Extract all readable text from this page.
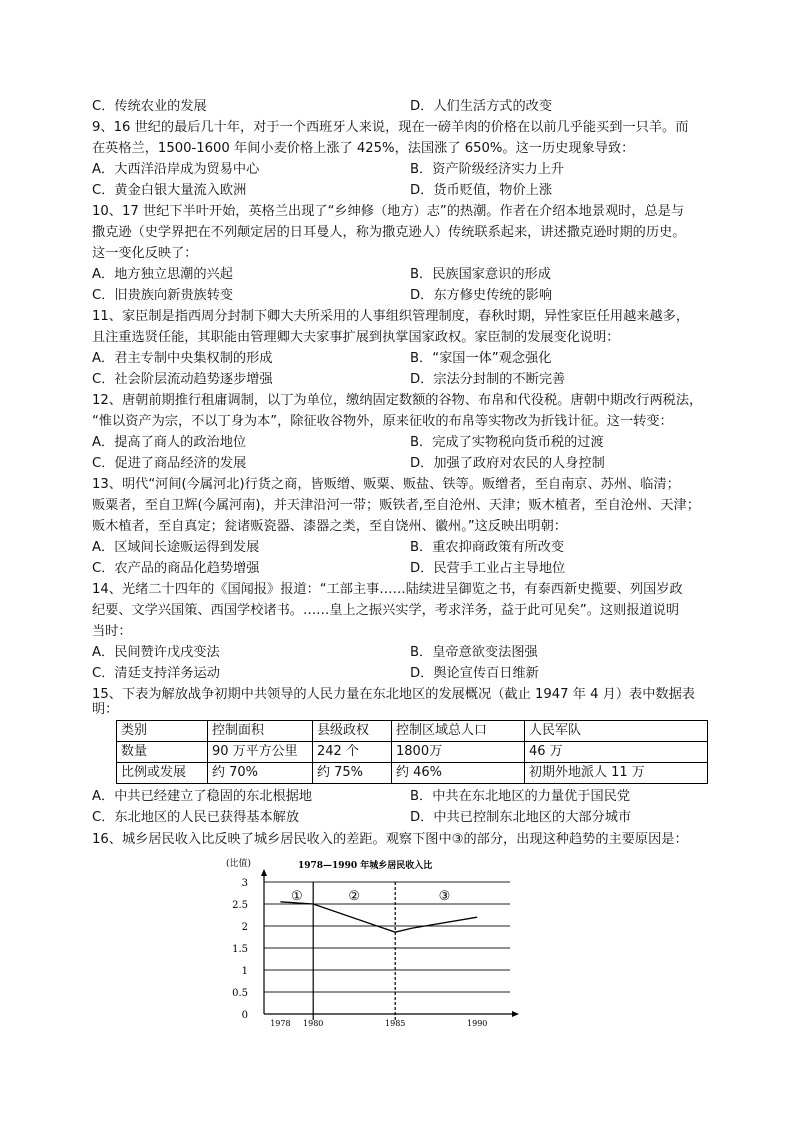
C．传统农业的发展	D．人们生活方式的改变
9、16 世纪的最后几十年，对于一个西班牙人来说，现在一磅羊肉的价格在以前几乎能买到一只羊。而
在英格兰，1500-1600 年间小麦价格上涨了 425%，法国涨了 650%。这一历史现象导致：
A．大西洋沿岸成为贸易中心	B．资产阶级经济实力上升
C．黄金白银大量流入欧洲	D．货币贬值，物价上涨
10、17 世纪下半叶开始，英格兰出现了“乡绅修（地方）志”的热潮。作者在介绍本地景观时，总是与
撒克逊（史学界把在不列颠定居的日耳曼人，称为撒克逊人）传统联系起来，讲述撒克逊时期的历史。
这一变化反映了：
A．地方独立思潮的兴起	B．民族国家意识的形成
C．旧贵族向新贵族转变	D．东方修史传统的影响
11、家臣制是指西周分封制下卿大夫所采用的人事组织管理制度，春秋时期，异性家臣任用越来越多，
且注重选贤任能，其职能由管理卿大夫家事扩展到执掌国家政权。家臣制的发展变化说明：
A．君主专制中央集权制的形成	B．“家国一体”观念强化
C．社会阶层流动趋势逐步增强	D．宗法分封制的不断完善
12、唐朝前期推行租庸调制，以丁为单位，缴纳固定数额的谷物、布帛和代役税。唐朝中期改行两税法，
“惟以资产为宗，不以丁身为本”，除征收谷物外，原来征收的布帛等实物改为折钱计征。这一转变：
A．提高了商人的政治地位	B．完成了实物税向货币税的过渡
C．促进了商品经济的发展	D．加强了政府对农民的人身控制
13、明代“河间(今属河北)行货之商，皆贩缯、贩粟、贩盐、铁等。贩缯者，至自南京、苏州、临清；
贩粟者，至自卫辉(今属河南)，并天津沿河一带；贩铁者,至自沧州、天津；贩木植者，至自沧州、天津；
贩木植者，至自真定；瓮诸贩瓷器、漆器之类，至自饶州、徽州。”这反映出明朝：
A．区域间长途贩运得到发展	B．重农抑商政策有所改变
C．农产品的商品化趋势增强	D．民营手工业占主导地位
14、光绪二十四年的《国闻报》报道：“工部主事……陆续进呈御览之书，有泰西新史揽要、列国岁政
纪要、文学兴国策、西国学校诸书。……皇上之振兴实学，考求洋务，益于此可见矣”。这则报道说明
当时：
A．民间赞许戊戌变法	B．皇帝意欲变法图强
C．清廷支持洋务运动	D．舆论宣传百日维新
15、下表为解放战争初期中共领导的人民力量在东北地区的发展概况（截止 1947 年 4 月）表中数据表
明：
类别	控制面积	县级政权	控制区域总人口	人民军队
数量	90 万平方公里	242 个	1800万	46 万
比例或发展	约 70%	约 75%	约 46%	初期外地派人 11 万
A．中共已经建立了稳固的东北根据地	B．中共在东北地区的力量优于国民党
C．东北地区的人民已获得基本解放	D．中共已控制东北地区的大部分城市
16、城乡居民收入比反映了城乡居民收入的差距。观察下图中③的部分，出现这种趋势的主要原因是：
(比值)	1978—1990 年城乡居民收入比
0
0.5
1
1.5
2
2.5
3
1978 1980	1985	1990
①	②	③
